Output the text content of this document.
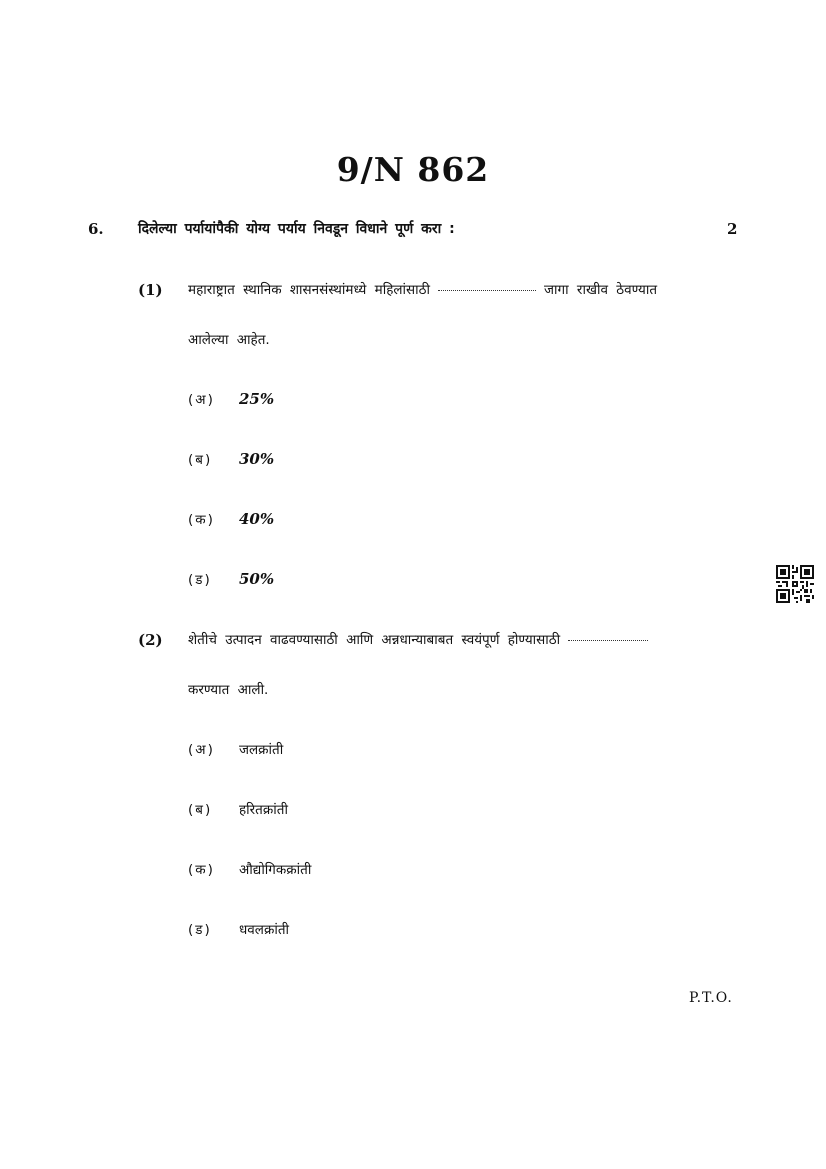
9/N 862
6. दिलेल्या पर्यायांपैकी योग्य पर्याय निवडून विधाने पूर्ण करा :	2
(1) महाराष्ट्रात स्थानिक शासनसंस्थांमध्ये महिलांसाठी	जागा राखीव ठेवण्यात
आलेल्या आहेत.
(अ) 25%
(ब) 30%
(क) 40%
(ड) 50%
(2) शेतीचे उत्पादन वाढवण्यासाठी आणि अन्नधान्याबाबत स्वयंपूर्ण होण्यासाठी
करण्यात आली.
(अ) जलक्रांती
(ब) हरितक्रांती
(क) औद्योगिकक्रांती
(ड) धवलक्रांती
P.T.O.
